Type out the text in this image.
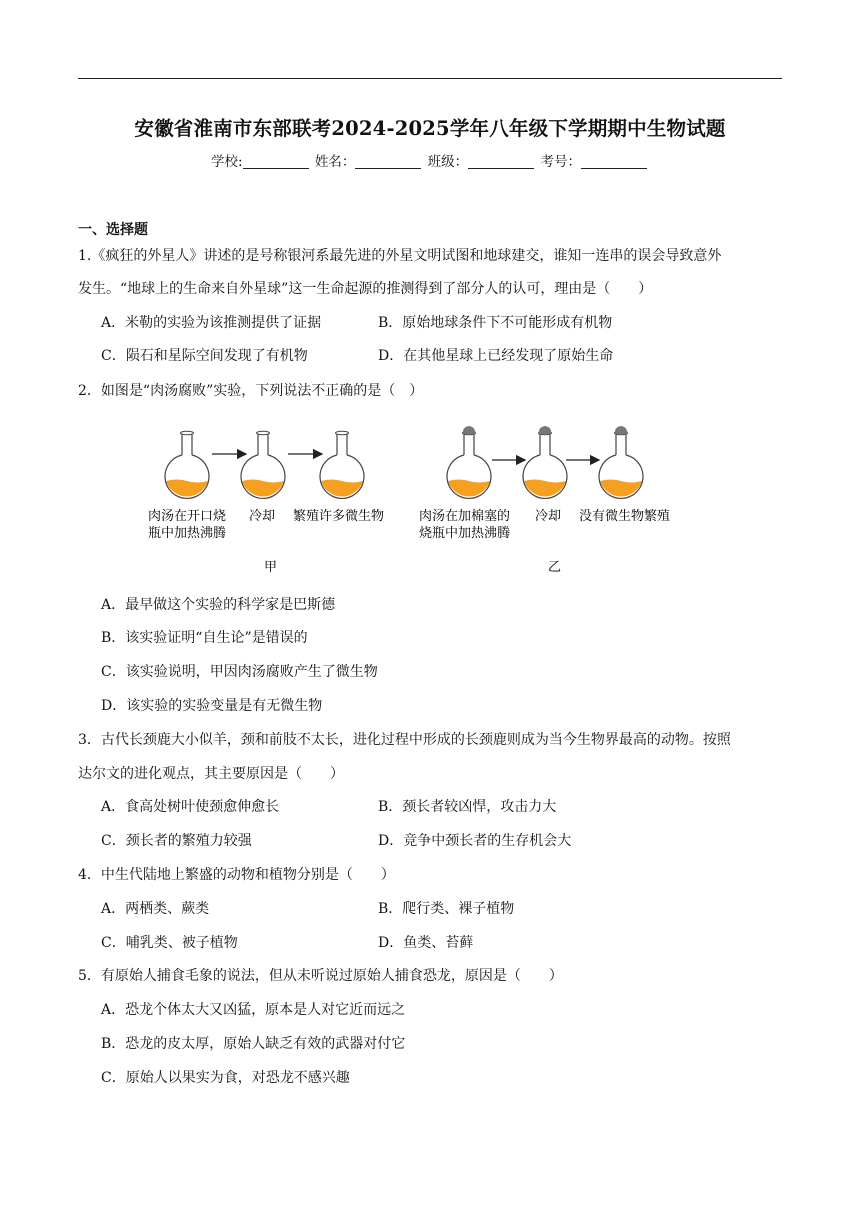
安徽省淮南市东部联考2024-2025学年八年级下学期期中生物试题
学校:	姓名：	班级：	考号：
一、选择题
1.《疯狂的外星人》讲述的是号称银河系最先进的外星文明试图和地球建交，谁知一连串的误会导致意外
发生。“地球上的生命来自外星球”这一生命起源的推测得到了部分人的认可，理由是（　　）
A．米勒的实验为该推测提供了证据	B．原始地球条件下不可能形成有机物
C．陨石和星际空间发现了有机物	D．在其他星球上已经发现了原始生命
2．如图是“肉汤腐败”实验，下列说法不正确的是（　）
肉汤在开口烧
瓶中加热沸腾
冷却 繁殖许多微生物
甲
肉汤在加棉塞的
烧瓶中加热沸腾
冷却 没有微生物繁殖
乙
A．最早做这个实验的科学家是巴斯德
B．该实验证明“自生论”是错误的
C．该实验说明，甲因肉汤腐败产生了微生物
D．该实验的实验变量是有无微生物
3．古代长颈鹿大小似羊，颈和前肢不太长，进化过程中形成的长颈鹿则成为当今生物界最高的动物。按照
达尔文的进化观点，其主要原因是（　　）
A．食高处树叶使颈愈伸愈长	B．颈长者较凶悍，攻击力大
C．颈长者的繁殖力较强	D．竞争中颈长者的生存机会大
4．中生代陆地上繁盛的动物和植物分别是（　　）
A．两栖类、蕨类	B．爬行类、裸子植物
C．哺乳类、被子植物	D．鱼类、苔藓
5．有原始人捕食毛象的说法，但从未听说过原始人捕食恐龙，原因是（　　）
A．恐龙个体太大又凶猛，原本是人对它近而远之
B．恐龙的皮太厚，原始人缺乏有效的武器对付它
C．原始人以果实为食，对恐龙不感兴趣
